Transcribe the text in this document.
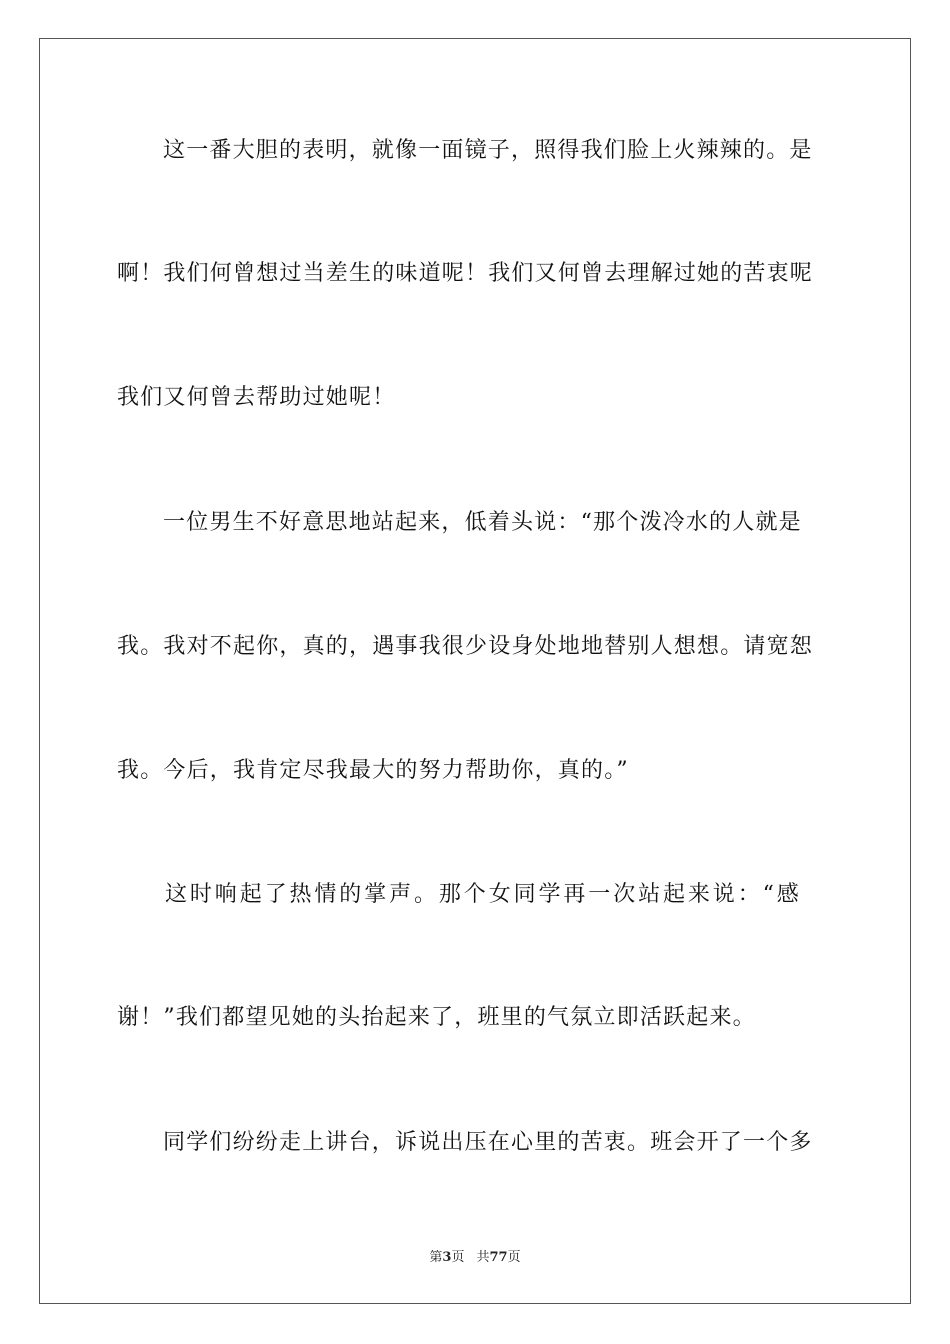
这一番大胆的表明，就像一面镜子，照得我们脸上火辣辣的。是
啊！我们何曾想过当差生的味道呢！我们又何曾去理解过她的苦衷呢
我们又何曾去帮助过她呢！
一位男生不好意思地站起来，低着头说：“那个泼冷水的人就是
我。我对不起你，真的，遇事我很少设身处地地替别人想想。请宽恕
我。今后，我肯定尽我最大的努力帮助你，真的。”
这时响起了热情的掌声。那个女同学再一次站起来说：“感
谢！”我们都望见她的头抬起来了，班里的气氛立即活跃起来。
同学们纷纷走上讲台，诉说出压在心里的苦衷。班会开了一个多
第3页 共77页
